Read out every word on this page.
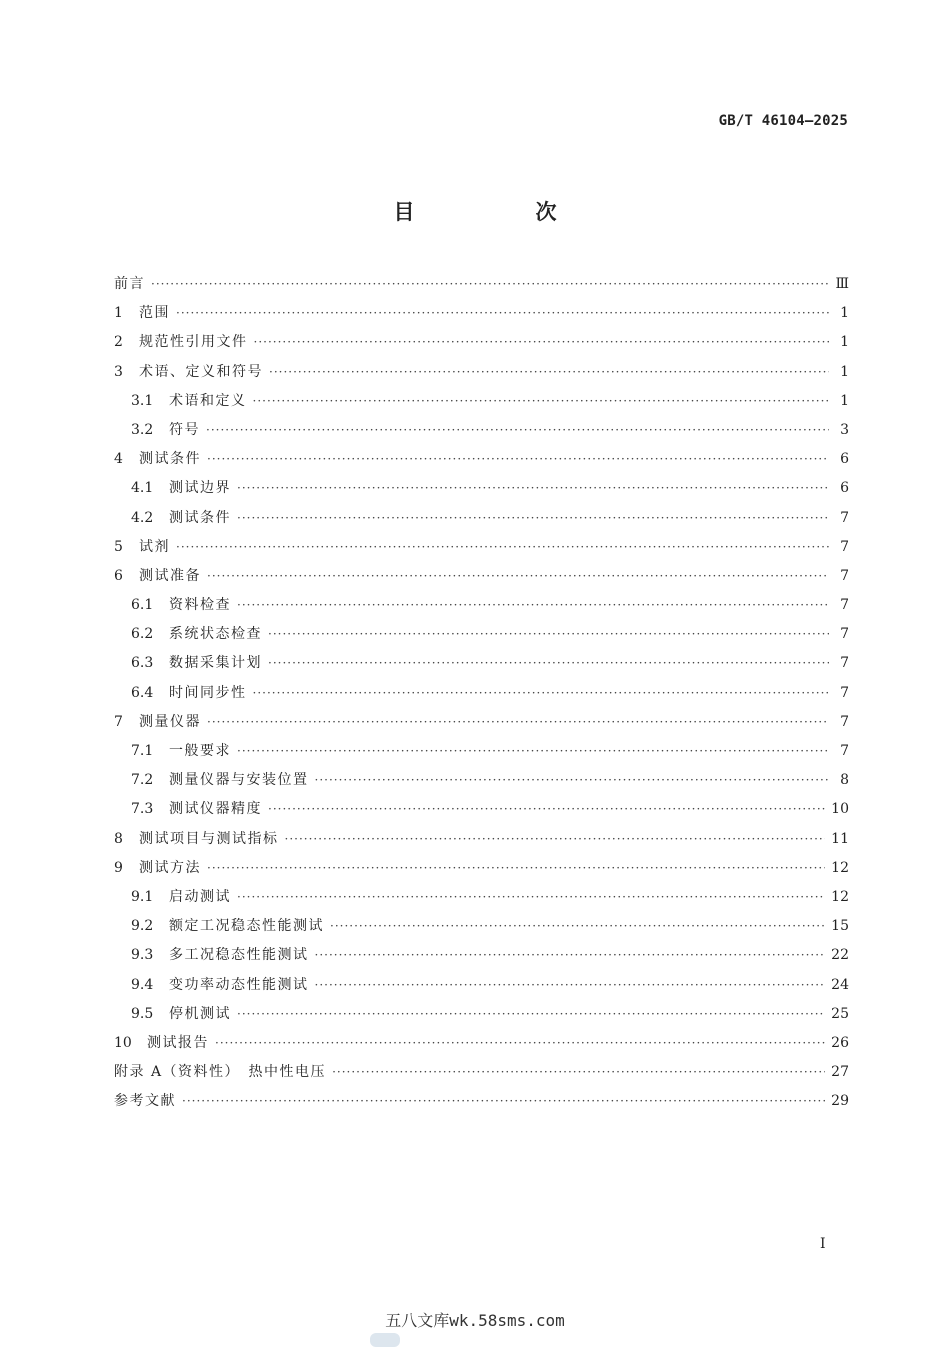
GB/T 46104—2025
目　次
前言 ·····	Ⅲ
1	范围 ·····	1
2	规范性引用文件 ·····	1
3	术语、定义和符号 ·····	1
3.1	术语和定义 ·····	1
3.2	符号 ·····	3
4	测试条件 ·····	6
4.1	测试边界 ·····	6
4.2	测试条件 ·····	7
5	试剂 ·····	7
6	测试准备 ·····	7
6.1	资料检查 ·····	7
6.2	系统状态检查 ·····	7
6.3	数据采集计划 ·····	7
6.4	时间同步性 ·····	7
7	测量仪器 ·····	7
7.1	一般要求 ·····	7
7.2	测量仪器与安装位置 ·····	8
7.3	测试仪器精度 ·····	10
8	测试项目与测试指标 ·····	11
9	测试方法 ·····	12
9.1	启动测试 ·····	12
9.2	额定工况稳态性能测试 ·····	15
9.3	多工况稳态性能测试 ·····	22
9.4	变功率动态性能测试 ·····	24
9.5	停机测试 ·····	25
10	测试报告 ·····	26
附录 A（资料性）　热中性电压 ·····	27
参考文献 ·····	29
Ⅰ
五八文库wk.58sms.com
